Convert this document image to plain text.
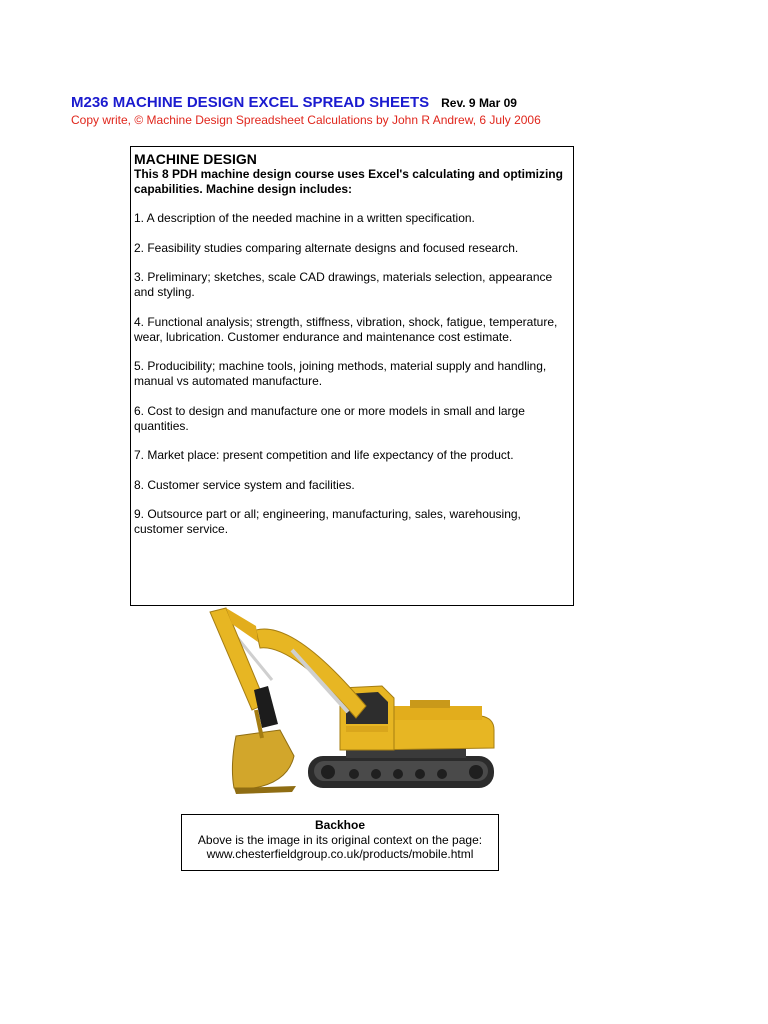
M236 MACHINE DESIGN EXCEL SPREAD SHEETS Rev. 9 Mar 09
Copy write, © Machine Design Spreadsheet Calculations by John R Andrew, 6 July 2006
MACHINE DESIGN
This 8 PDH machine design course uses Excel's calculating and optimizing capabilities. Machine design includes:

1. A description of the needed machine in a written specification.

2. Feasibility studies comparing alternate designs and focused research.

3. Preliminary; sketches, scale CAD drawings, materials selection, appearance and styling.

4. Functional analysis; strength, stiffness, vibration, shock, fatigue, temperature, wear, lubrication. Customer endurance and maintenance cost estimate.

5. Producibility; machine tools, joining methods, material supply and handling, manual vs automated manufacture.

6. Cost to design and manufacture one or more models in small and large quantities.

7. Market place: present competition and life expectancy of the product.

8. Customer service system and facilities.

9. Outsource part or all; engineering, manufacturing, sales, warehousing, customer service.

Backhoe
Above is the image in its original context on the page:
www.chesterfieldgroup.co.uk/products/mobile.html
